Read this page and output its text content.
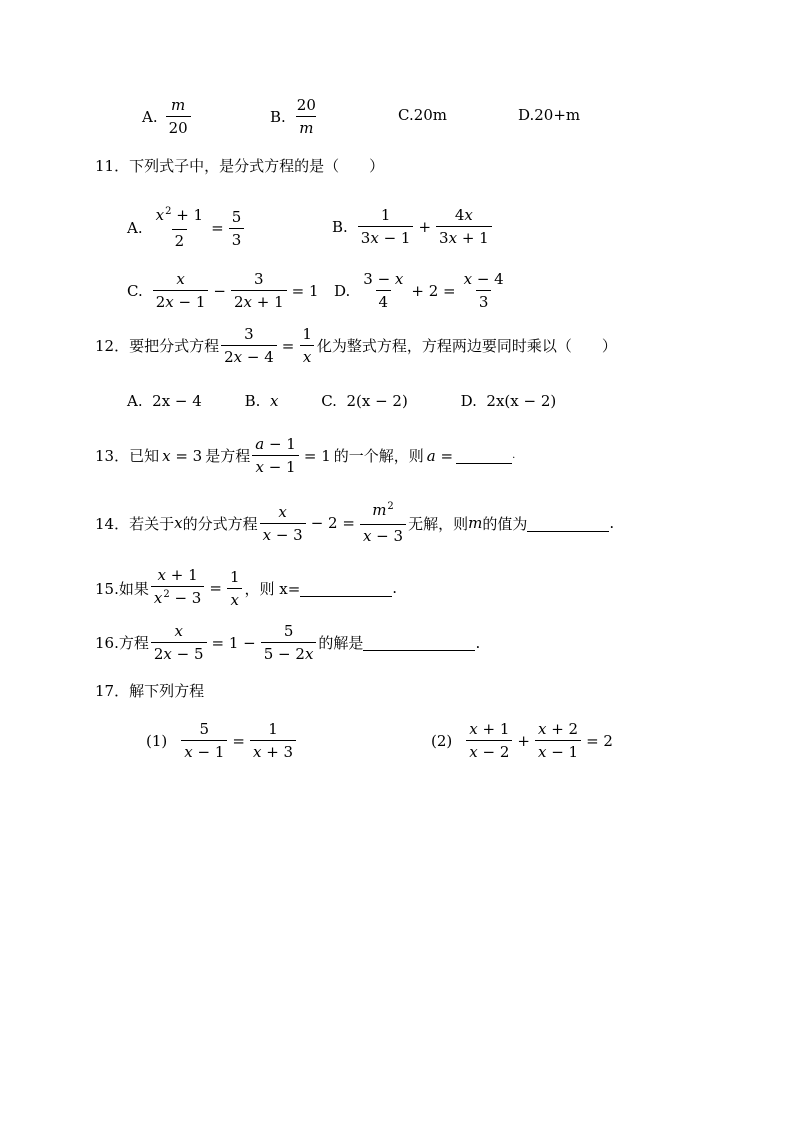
A. $\frac{m}{20}$	B. $\frac{20}{m}$	C.20m	D.20+m
11．下列式子中，是分式方程的是（　　）
A. $\frac{x^2 + 1}{2} = \frac{5}{3}$	B. $\frac{1}{3x - 1} + \frac{4x}{3x + 1}$
C. $\frac{x}{2x - 1} - \frac{3}{2x + 1} = 1$ D. $\frac{3 - x}{4} + 2 = \frac{x - 4}{3}$
12． 要把分式方程 $\frac{3}{2x - 4} = \frac{1}{x}$ 化为整式方程，方程两边要同时乘以（　　）
A. 2x − 4	B. x	C. 2(x − 2)	D. 2x(x − 2)
13． 已知 x = 3 是方程 $\frac{a - 1}{x - 1} = 1$ 的一个解，则 a =	.
14． 若关于 x 的分式方程 $\frac{x}{x - 3} - 2 = \frac{m^2}{x - 3}$ 无解，则 m 的值为	.
15.如果 $\frac{x + 1}{x^2 - 3} = \frac{1}{x}$ ，则 x=	.
16.方程 $\frac{x}{2x - 5} = 1 - \frac{5}{5 - 2x}$ 的解是	.
17．解下列方程
$(1) \frac{5}{x - 1} = \frac{1}{x + 3}$	$(2) \frac{x + 1}{x - 2} + \frac{x + 2}{x - 1} = 2$
